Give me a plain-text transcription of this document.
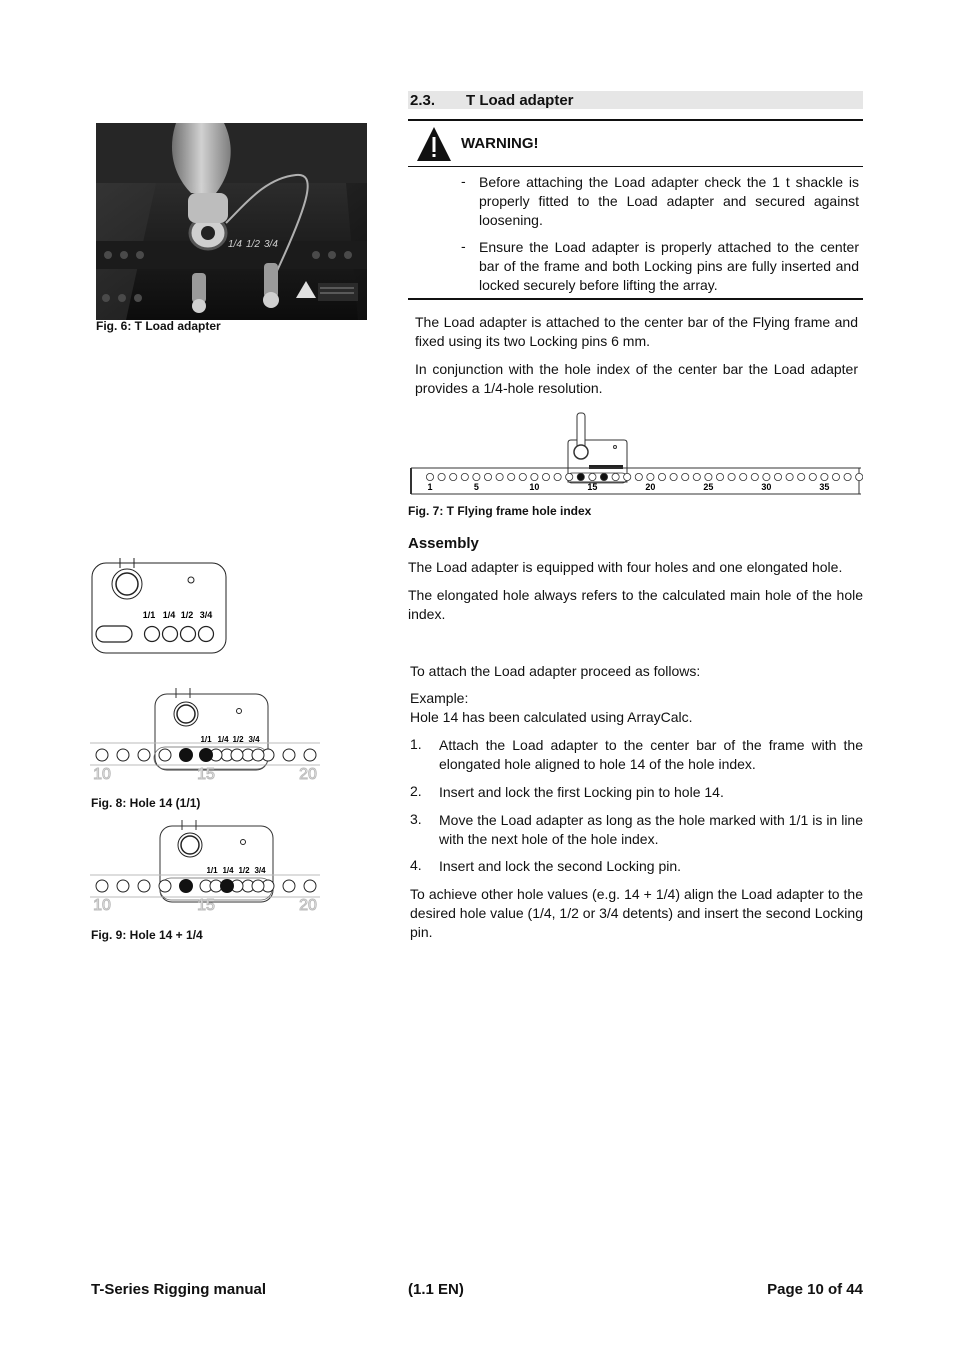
1/4 1/2 3/4
Fig. 6: T Load adapter
2.3. T Load adapter
WARNING!
- Before attaching the Load adapter check the 1 t shackle is properly fitted to the Load adapter and secured against loosening.
- Ensure the Load adapter is properly attached to the center bar of the frame and both Locking pins are fully inserted and locked securely before lifting the array.
The Load adapter is attached to the center bar of the Flying frame and fixed using its two Locking pins 6 mm.
In conjunction with the hole index of the center bar the Load adapter provides a 1/4-hole resolution.
1	5	10	15	20	25	30	35
Fig. 7: T Flying frame hole index
Assembly
The Load adapter is equipped with four holes and one elongated hole.
The elongated hole always refers to the calculated main hole of the hole index.
To attach the Load adapter proceed as follows:
Example:
Hole 14 has been calculated using ArrayCalc.
1. Attach the Load adapter to the center bar of the frame with the elongated hole aligned to hole 14 of the hole index.
2. Insert and lock the first Locking pin to hole 14.
3. Move the Load adapter as long as the hole marked with 1/1 is in line with the next hole of the hole index.
4. Insert and lock the second Locking pin.
To achieve other hole values (e.g. 14 + 1/4) align the Load adapter to the desired hole value (1/4, 1/2 or 3/4 detents) and insert the second Locking pin.
1/1 1/4 1/2 3/4
1/1 1/4 1/2 3/4
10	15	20
Fig. 8: Hole 14 (1/1)
1/1 1/4 1/2 3/4
10	15	20
Fig. 9: Hole 14 + 1/4
T-Series Rigging manual	(1.1 EN)	Page 10 of 44
